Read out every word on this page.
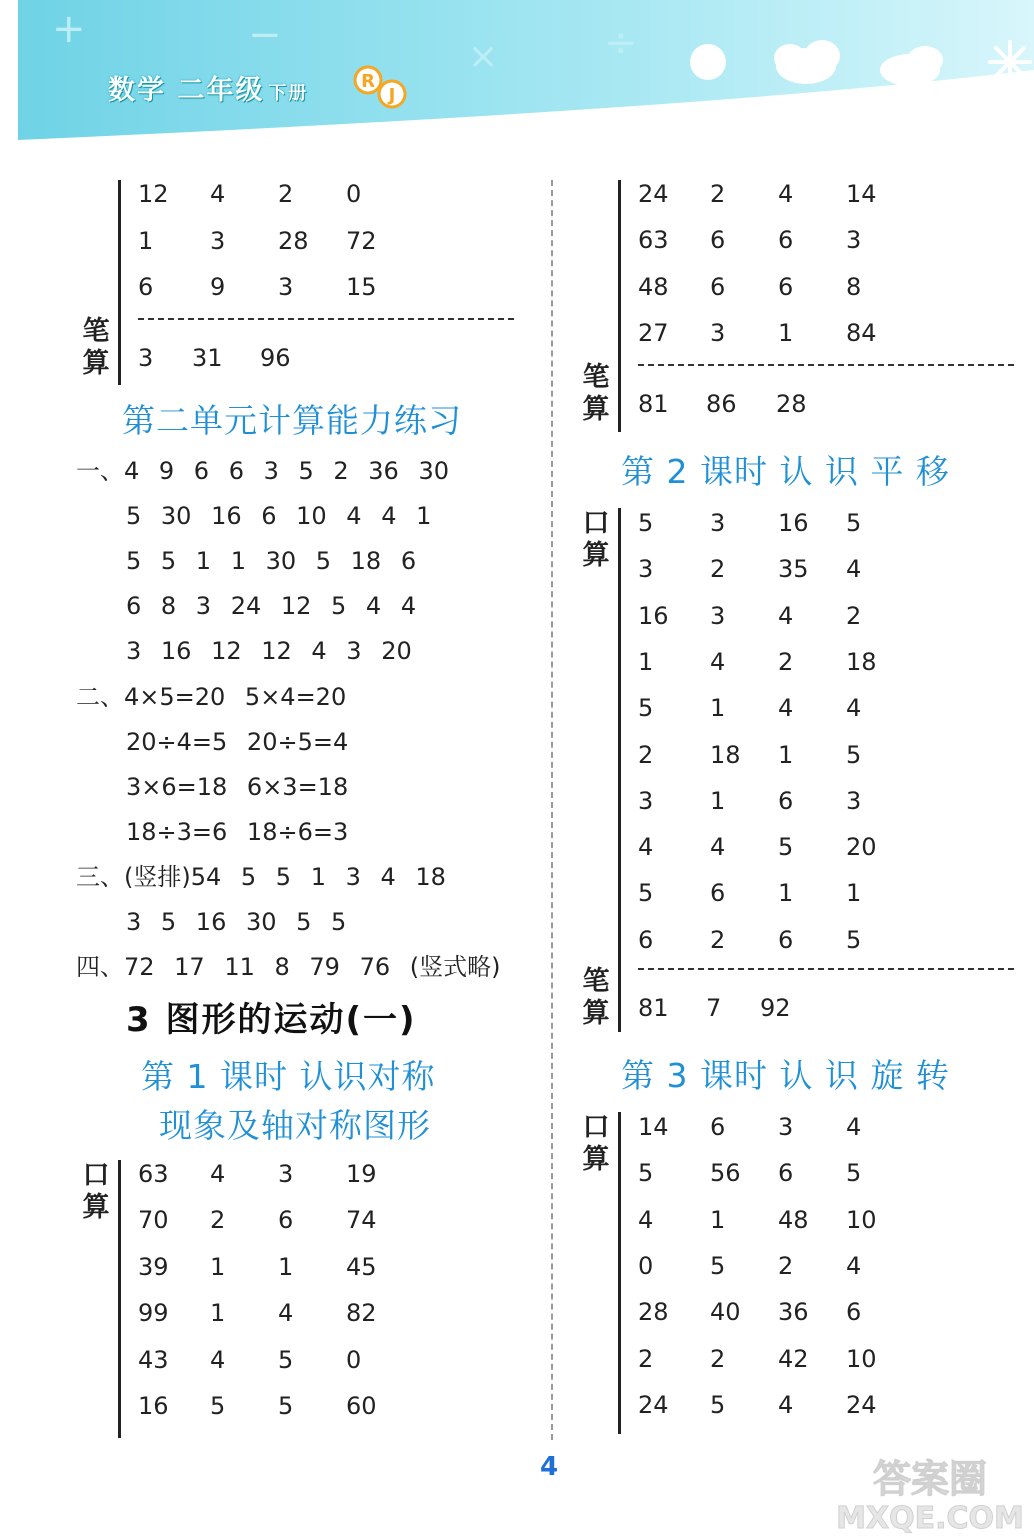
+	−	×	÷
数学 二年级 下册
R
J
12 4 2 0
1 3 28 72
6 9 3 15
笔算 3 31 96
第二单元计算能力练习
一、4 9 6 6 3 5 2 36 30
5 30 16 6 10 4 4 1
5 5 1 1 30 5 18 6
6 8 3 24 12 5 4 4
3 16 12 12 4 3 20
二、4×5=20 5×4=20
20÷4=5 20÷5=4
3×6=18 6×3=18
18÷3=6 18÷6=3
三、(竖排)54 5 5 1 3 4 18
3 5 16 30 5 5
四、72 17 11 8 79 76 (竖式略)
3 图形的运动(一)
第 1 课时 认识对称
现象及轴对称图形
口算
63 4 3 19
70 2 6 74
39 1 1 45
99 1 4 82
43 4 5 0
16 5 5 60
24 2 4 14
63 6 6 3
48 6 6 8
27 3 1 84
笔算 81 86 28
第 2 课时 认 识 平 移
口算
5 3 16 5
3 2 35 4
16 3 4 2
1 4 2 18
5 1 4 4
2 18 1 5
3 1 6 3
4 4 5 20
5 6 1 1
6 2 6 5
笔算 81 7 92
第 3 课时 认 识 旋 转
口算
14 6 3 4
5 56 6 5
4 1 48 10
0 5 2 4
28 40 36 6
2 2 42 10
24 5 4 24
4	答案圈
MXQE.COM
